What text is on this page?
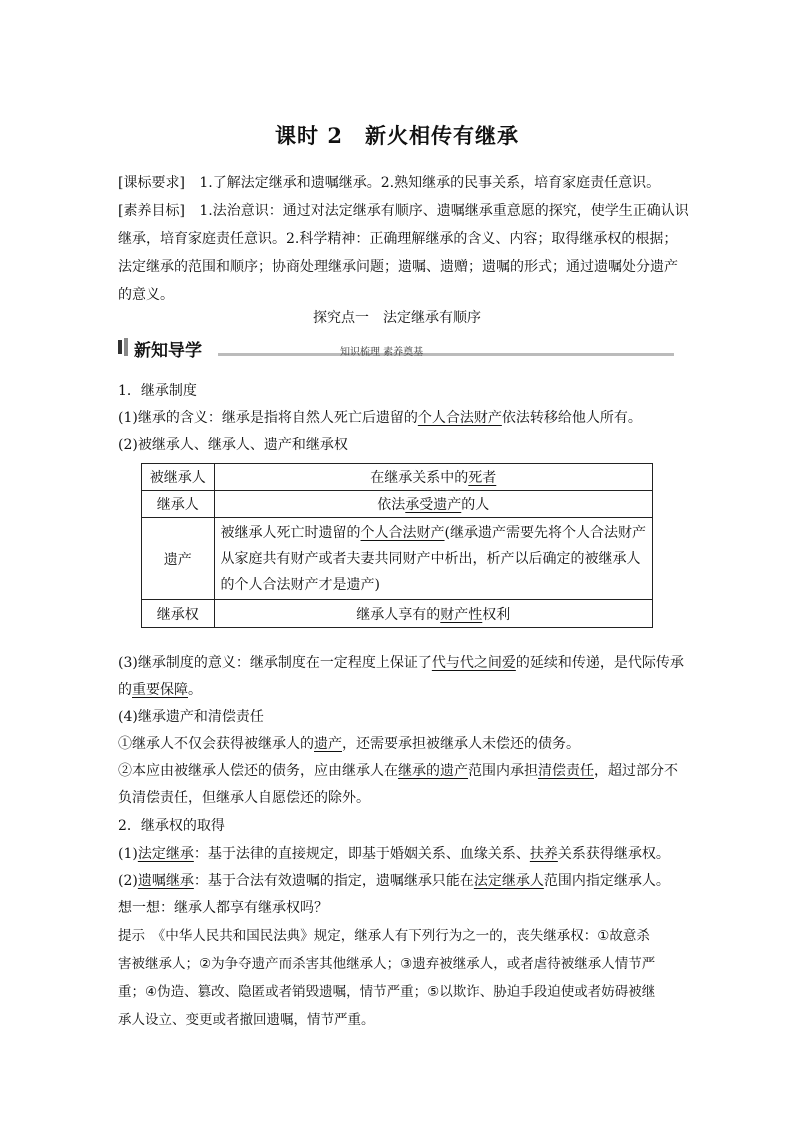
课时 2　新火相传有继承

[课标要求] 1.了解法定继承和遗嘱继承。2.熟知继承的民事关系，培育家庭责任意识。

[素养目标] 1.法治意识：通过对法定继承有顺序、遗嘱继承重意愿的探究，使学生正确认识

继承，培育家庭责任意识。2.科学精神：正确理解继承的含义、内容；取得继承权的根据；

法定继承的范围和顺序；协商处理继承问题；遗嘱、遗赠；遗嘱的形式；通过遗嘱处分遗产

的意义。

探究点一　法定继承有顺序
新知导学	知识梳理 素养奠基

1．继承制度

(1)继承的含义：继承是指将自然人死亡后遗留的个人合法财产依法转移给他人所有。

(2)被继承人、继承人、遗产和继承权

被继承人	在继承关系中的死者
继承人	依法承受遗产的人
遗产	被继承人死亡时遗留的个人合法财产(继承遗产需要先将个人合法财产
从家庭共有财产或者夫妻共同财产中析出，析产以后确定的被继承人
的个人合法财产才是遗产)

继承权	继承人享有的财产性权利

(3)继承制度的意义：继承制度在一定程度上保证了代与代之间爱的延续和传递，是代际传承

的重要保障。

(4)继承遗产和清偿责任

①继承人不仅会获得被继承人的遗产，还需要承担被继承人未偿还的债务。

②本应由被继承人偿还的债务，应由继承人在继承的遗产范围内承担清偿责任，超过部分不

负清偿责任，但继承人自愿偿还的除外。

2．继承权的取得

(1)法定继承：基于法律的直接规定，即基于婚姻关系、血缘关系、扶养关系获得继承权。

(2)遗嘱继承：基于合法有效遗嘱的指定，遗嘱继承只能在法定继承人范围内指定继承人。

想一想：继承人都享有继承权吗？

提示　《中华人民共和国民法典》规定，继承人有下列行为之一的，丧失继承权：①故意杀

害被继承人；②为争夺遗产而杀害其他继承人；③遗弃被继承人，或者虐待被继承人情节严

重；④伪造、篡改、隐匿或者销毁遗嘱，情节严重；⑤以欺诈、胁迫手段迫使或者妨碍被继

承人设立、变更或者撤回遗嘱，情节严重。
